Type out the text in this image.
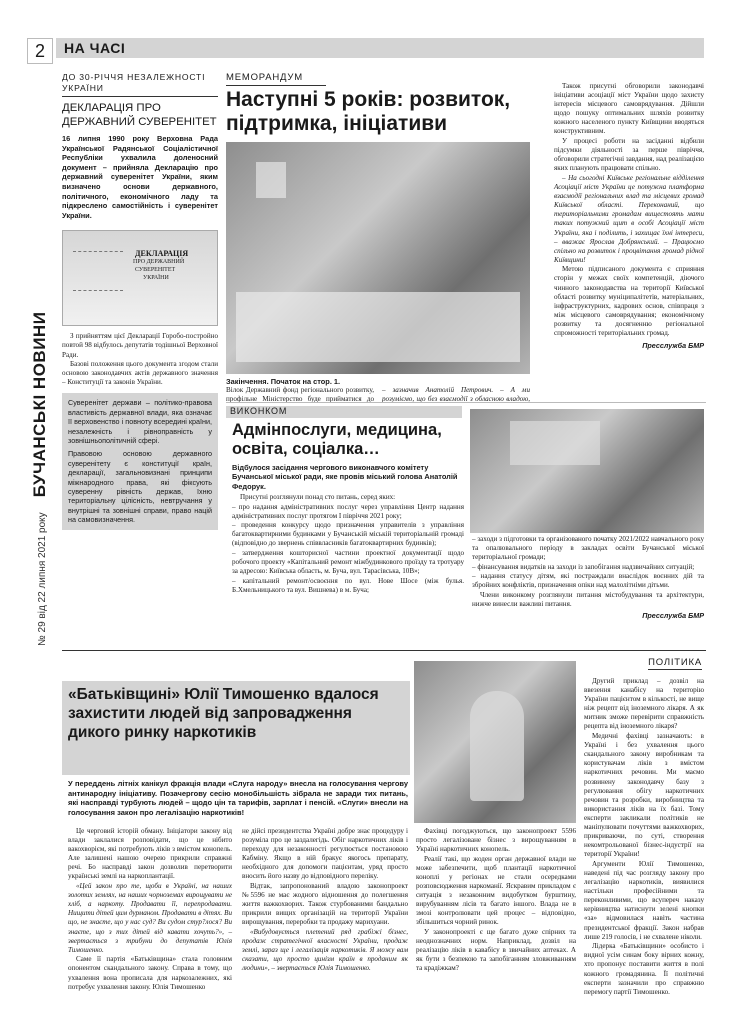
2	НА ЧАСІ
№ 29 від 22 липня 2021 року БУЧАНСЬКІ НОВИНИ
ДО 30-РІЧЧЯ НЕЗАЛЕЖНОСТІ УКРАЇНИ
ДЕКЛАРАЦІЯ ПРО ДЕРЖАВНИЙ СУВЕРЕНІТЕТ
16 липня 1990 року Верховна Рада Української Радянської Соціалістичної Республіки ухвалила доленосний документ – прийняла Декларацію про державний суверенітет України, яким визначено основи державного, політичного, економічного ладу та підкреслено самостійність і суверенітет України.
ДЕКЛАРАЦІЯ
ПРО ДЕРЖАВНИЙ
СУВЕРЕНІТЕТ
УКРАЇНИ

З прийняттям цієї Декларації Горобо-постройно повтой 98 відбулось депутатів тодішньої Верховної Ради.

Базові положення цього документа згодом стали основою законодавчих актів державного значення – Конституції та законів України.

Суверенітет держави – політико-правова властивість державної влади, яка означає її верховенство і повноту всередині країни, незалежність і рівноправність у зовнішньополітичній сфері.
Правовою основою державного суверенітету є конституції країн, декларації, загальновизнані принципи міжнародного права, які фіксують суверенну рівність держав, їхню територіальну цілісність, невтручання у внутрішні та зовнішні справи, право націй на самовизначення.
МЕМОРАНДУМ
Наступні 5 років: розвиток, підтримка, ініціативи
Закінчення. Початок на стор. 1.

Вілок Державний фонд регіонального розвитку, профільне Міністерство буде прийматися до

– зазначив Анатолій Петрович. – А ми розуміємо, що без взаємодії з обласною владою,

Також присутні обговорили законодавчі ініціативи асоціації міст України щодо захисту інтересів місцевого самоврядування. Дійшли щодо пошуку оптимальних шляхів розвитку кожного населеного пункту Київщини вводяться конструктивним.

У процесі роботи на засіданні відбили підсумки діяльності за перше півріччя, обговорили стратегічні завдання, над реалізацією яких планують працювати спільно.

– На сьогодні Київське регіональне відділення Асоціації міст України це потужна платформа взаємодії регіональних влад та місцевих громад Київської області. Переконаний, що територіальними громадам вищестоять мати таких потужний щит в особі Асоціації міст України, яка і поділить, і захищає їхні інтереси, – вважає Ярослав Добрянський. – Працюємо спільно на розвиток і процвітання громад рідної Київщини!

Метою підписаного документа є сприяння сторін у межах своїх компетенцій, діючого чинного законодавства на території Київської області розвитку муніципалітетів, матеріальних, інфраструктурних, кадрових основ, співпраця з між місцевого самоврядування; економічному розвитку та досягненню регіональної спроможності територіальних громад.

Пресслужба БМР
ВИКОНКОМ
Адмінпослуги, медицина, освіта, соціалка…
Відбулося засідання чергового виконавчого комітету Бучанської міської ради, яке провів міський голова Анатолій Федорук.

Присутні розглянули понад сто питань, серед яких:

– про надання адміністративних послуг через управління Центр надання адміністративних послуг протягом І півріччя 2021 року;

– проведення конкурсу щодо призначення управителів з управління багатоквартирними будинками у Бучанській міській територіальній громаді (відповідно до звернень співвласників багатоквартирних будинків);

– затвердження кошторисної частини проектної документації щодо робочого проекту «Капітальний ремонт міжбудинкового проїзду та тротуару за адресою: Київська область, м. Буча, вул. Тарасівська, 10В»;

– капітальний ремонт/освоєння по вул. Нове Шосе (між булья. Б.Хмельницького та вул. Вишнева) в м. Буча;

– заходи з підготовки та організованого початку 2021/2022 навчального року та опалювального періоду в закладах освіти Бучанської міської територіальної громади;

– фінансування видатків на заходи із запобігання надзвичайних ситуацій;

– надання статусу дітям, які постраждали внаслідок воєнних дій та збройних конфліктів, призначення опіки над малолітніми дітьми.

Члени виконкому розглянули питання містобудування та архітектури, нижче винесли важливі питання.

Пресслужба БМР
ПОЛІТИКА
«Батьківщині» Юлії Тимошенко вдалося захистити людей від запровадження дикого ринку наркотиків
У переддень літніх канікул фракція влади «Слуга народу» внесла на голосування чергову антинародну ініціативу. Позачергову сесію монобільшість зібрала не заради тих питань, які насправді турбують людей – щодо цін та тарифів, зарплат і пенсій. «Слуги» внесли на голосування закон про легалізацію наркотиків!

Це черговий історій обману. Ініціатори закону від влади заклалися розповідати, що це нібито вакохворієм, які потребують ліків з вмістом конопель. Але залишені нашою очерею прикрили справжні речі. Бо насправді закон дозволив перетворити українські землі на наркоплантації.

«Цей закон про те, щоби в Україні, на наших золотих землях, на наших чорноземах вирощувати не хліб, а наркоту. Продавати її, перепродавати. Нищити дітей цим дурманом. Продавати в дітях. Ви що, не знаєте, що у нас суд? Ви судом стур?лося? Ви знаєте, що з тих дітей від кавати хочуть?», – звертається з трибуни до депутатів Юлія Тимошенко.

Саме її партія «Батьківщина» стала головним опонентом скандального закону. Справа в тому, що ухвалення вона прописала для наркозалежних, які потребує ухвалення закону. Юлія Тимошенко

не дійсі президентства Україні добре знає процедуру і розуміла про це заздалегідь. Обіг наркотичних ліків і переходу для незаконності регулюється постановою Кабміну. Якщо в ній бракує якогось препарату, необхідного для допомоги пацієнтам, уряд просто вносить його назву до відповідного переліку.

Відтак, запропонований владою законопроект №5596 не має жодного відношення до полегшення життя важкохворих. Також стурбованими бандально прикрили вищих організацій на території України вирощування, переробки та продажу марихуани.

«Вибудовується плетений ряд грабіжі бізнес, продаж стратегічної власності України, продаж землі, зараз ще і легалізація наркотиків. Я можу вам сказати, що просто цинізм країн в проданим як людини», – звертається Юлія Тимошенко.

Фахівці погоджуються, що законопроект 5596 просто легалізоване бізнес з вирощуванням в Україні наркотичних конопель.

Реалії такі, що жоден орган державної влади не може забезпечити, щоб плантації наркотичної коноплі у регіонах не стали осередками розповсюдження наркоманії. Яскравим прикладом є ситуація з незаконним видобутком бурштину, вирубуванням лісів та багато іншого. Влада не в змозі контролювати цей процес – відповідно, збільшиться чорний ринок.

У законопроекті є ще багато дуже спірних та неоднозначних норм. Наприклад, дозвіл на реалізацію ліків в кавабісу в звичайних аптеках. А як бути з безпекою та запобіганням зловживанням та крадіжкам?

Другий приклад – дозвіл на ввезення канабісу на територію України пацієнтом в кількості, не вище ніж рецепт від іноземного лікаря. А як митник зможе перевірити справжність рецепта від іноземного лікаря?

Медичні фахівці зазначають: в Україні і без ухвалення цього скандального закону виробникам та користувачам ліків з вмістом наркотичних речовин. Ми маємо розвинену законодавчу базу з регулювання обігу наркотичних речовин та розробки, виробництва та використання ліків на їх базі. Тому експерти закликали політиків не маніпулювати почуттями важкохворих, прикриваючи, по суті, створення некомтрольованої бізнес-індустрії на території України!

Аргументи Юлії Тимошенко, наведені під час розгляду закону про легалізацію наркотиків, виявилися настільки професійними та переконливими, що всупереч наказу керівництва натиснути зелені кнопки «за» відмовилася навіть частина президентської фракції. Закон набрав лише 219 голосів, і не схвалене ніколи.

Лідерка «Батьківщини» особисто і видної усім синам боку вірних кожну, хто пропонує поставити життя в полі кожного громадянина. Її політичні експерти зазначили про справжню перемогу партії Тимошенко.
